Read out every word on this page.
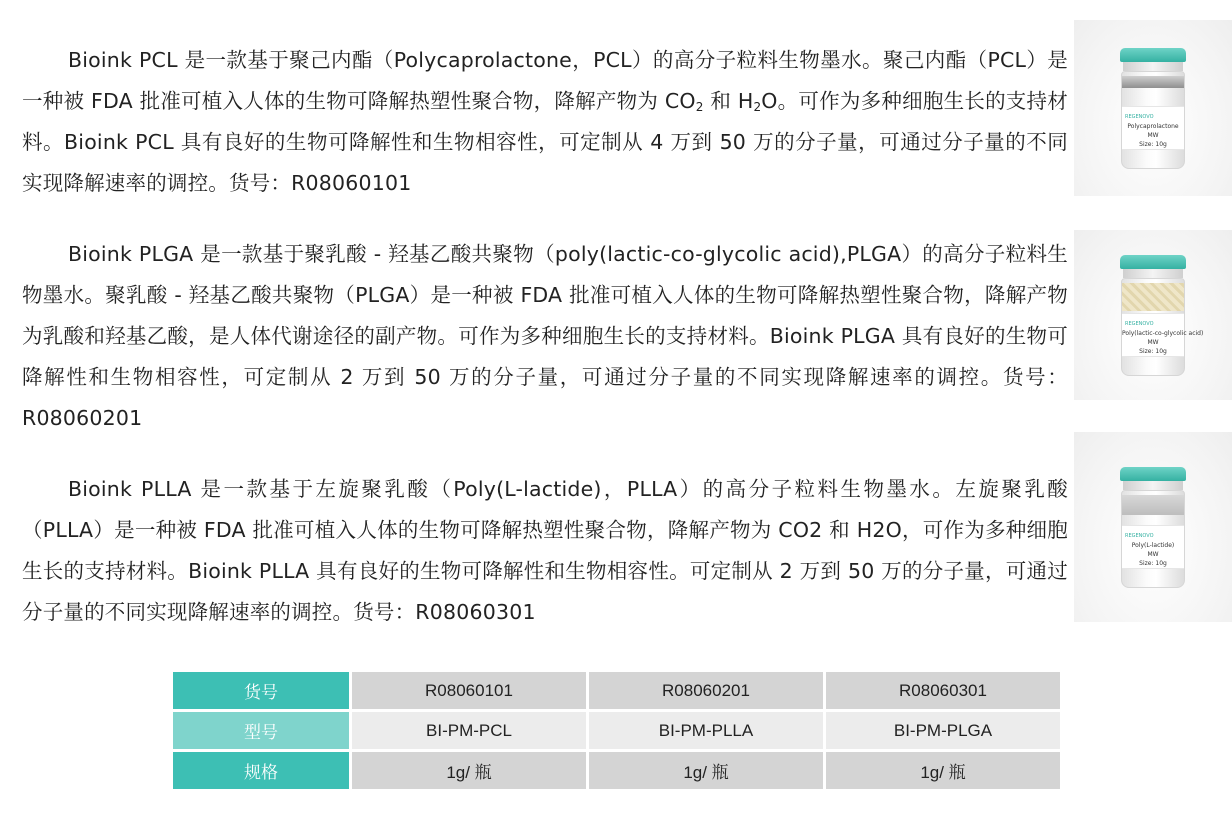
Bioink PCL 是一款基于聚己内酯（Polycaprolactone，PCL）的高分子粒料生物墨水。聚己内酯（PCL）是一种被 FDA 批准可植入人体的生物可降解热塑性聚合物，降解产物为 $CO_2$ 和 $H_2O$。可作为多种细胞生长的支持材料。Bioink PCL 具有良好的生物可降解性和生物相容性，可定制从 4 万到 50 万的分子量，可通过分子量的不同实现降解速率的调控。货号：R08060101

Bioink PLGA 是一款基于聚乳酸 - 羟基乙酸共聚物（poly(lactic-co-glycolic acid),PLGA）的高分子粒料生物墨水。聚乳酸 - 羟基乙酸共聚物（PLGA）是一种被 FDA 批准可植入人体的生物可降解热塑性聚合物，降解产物为乳酸和羟基乙酸，是人体代谢途径的副产物。可作为多种细胞生长的支持材料。Bioink PLGA 具有良好的生物可降解性和生物相容性，可定制从 2 万到 50 万的分子量，可通过分子量的不同实现降解速率的调控。货号：R08060201

Bioink PLLA 是一款基于左旋聚乳酸（Poly(L-lactide)，PLLA）的高分子粒料生物墨水。左旋聚乳酸（PLLA）是一种被 FDA 批准可植入人体的生物可降解热塑性聚合物，降解产物为 CO2 和 H2O，可作为多种细胞生长的支持材料。Bioink PLLA 具有良好的生物可降解性和生物相容性。可定制从 2 万到 50 万的分子量，可通过分子量的不同实现降解速率的调控。货号：R08060301

REGENOVO
Polycaprolactone
MW
Size: 10g
REGENOVO
Poly(lactic-co-glycolic acid)
MW
Size: 10g
REGENOVO
Poly(L-lactide)
MW
Size: 10g
货号	R08060101	R08060201	R08060301
型号	BI-PM-PCL	BI-PM-PLLA	BI-PM-PLGA
规格	1g/ 瓶	1g/ 瓶	1g/ 瓶
